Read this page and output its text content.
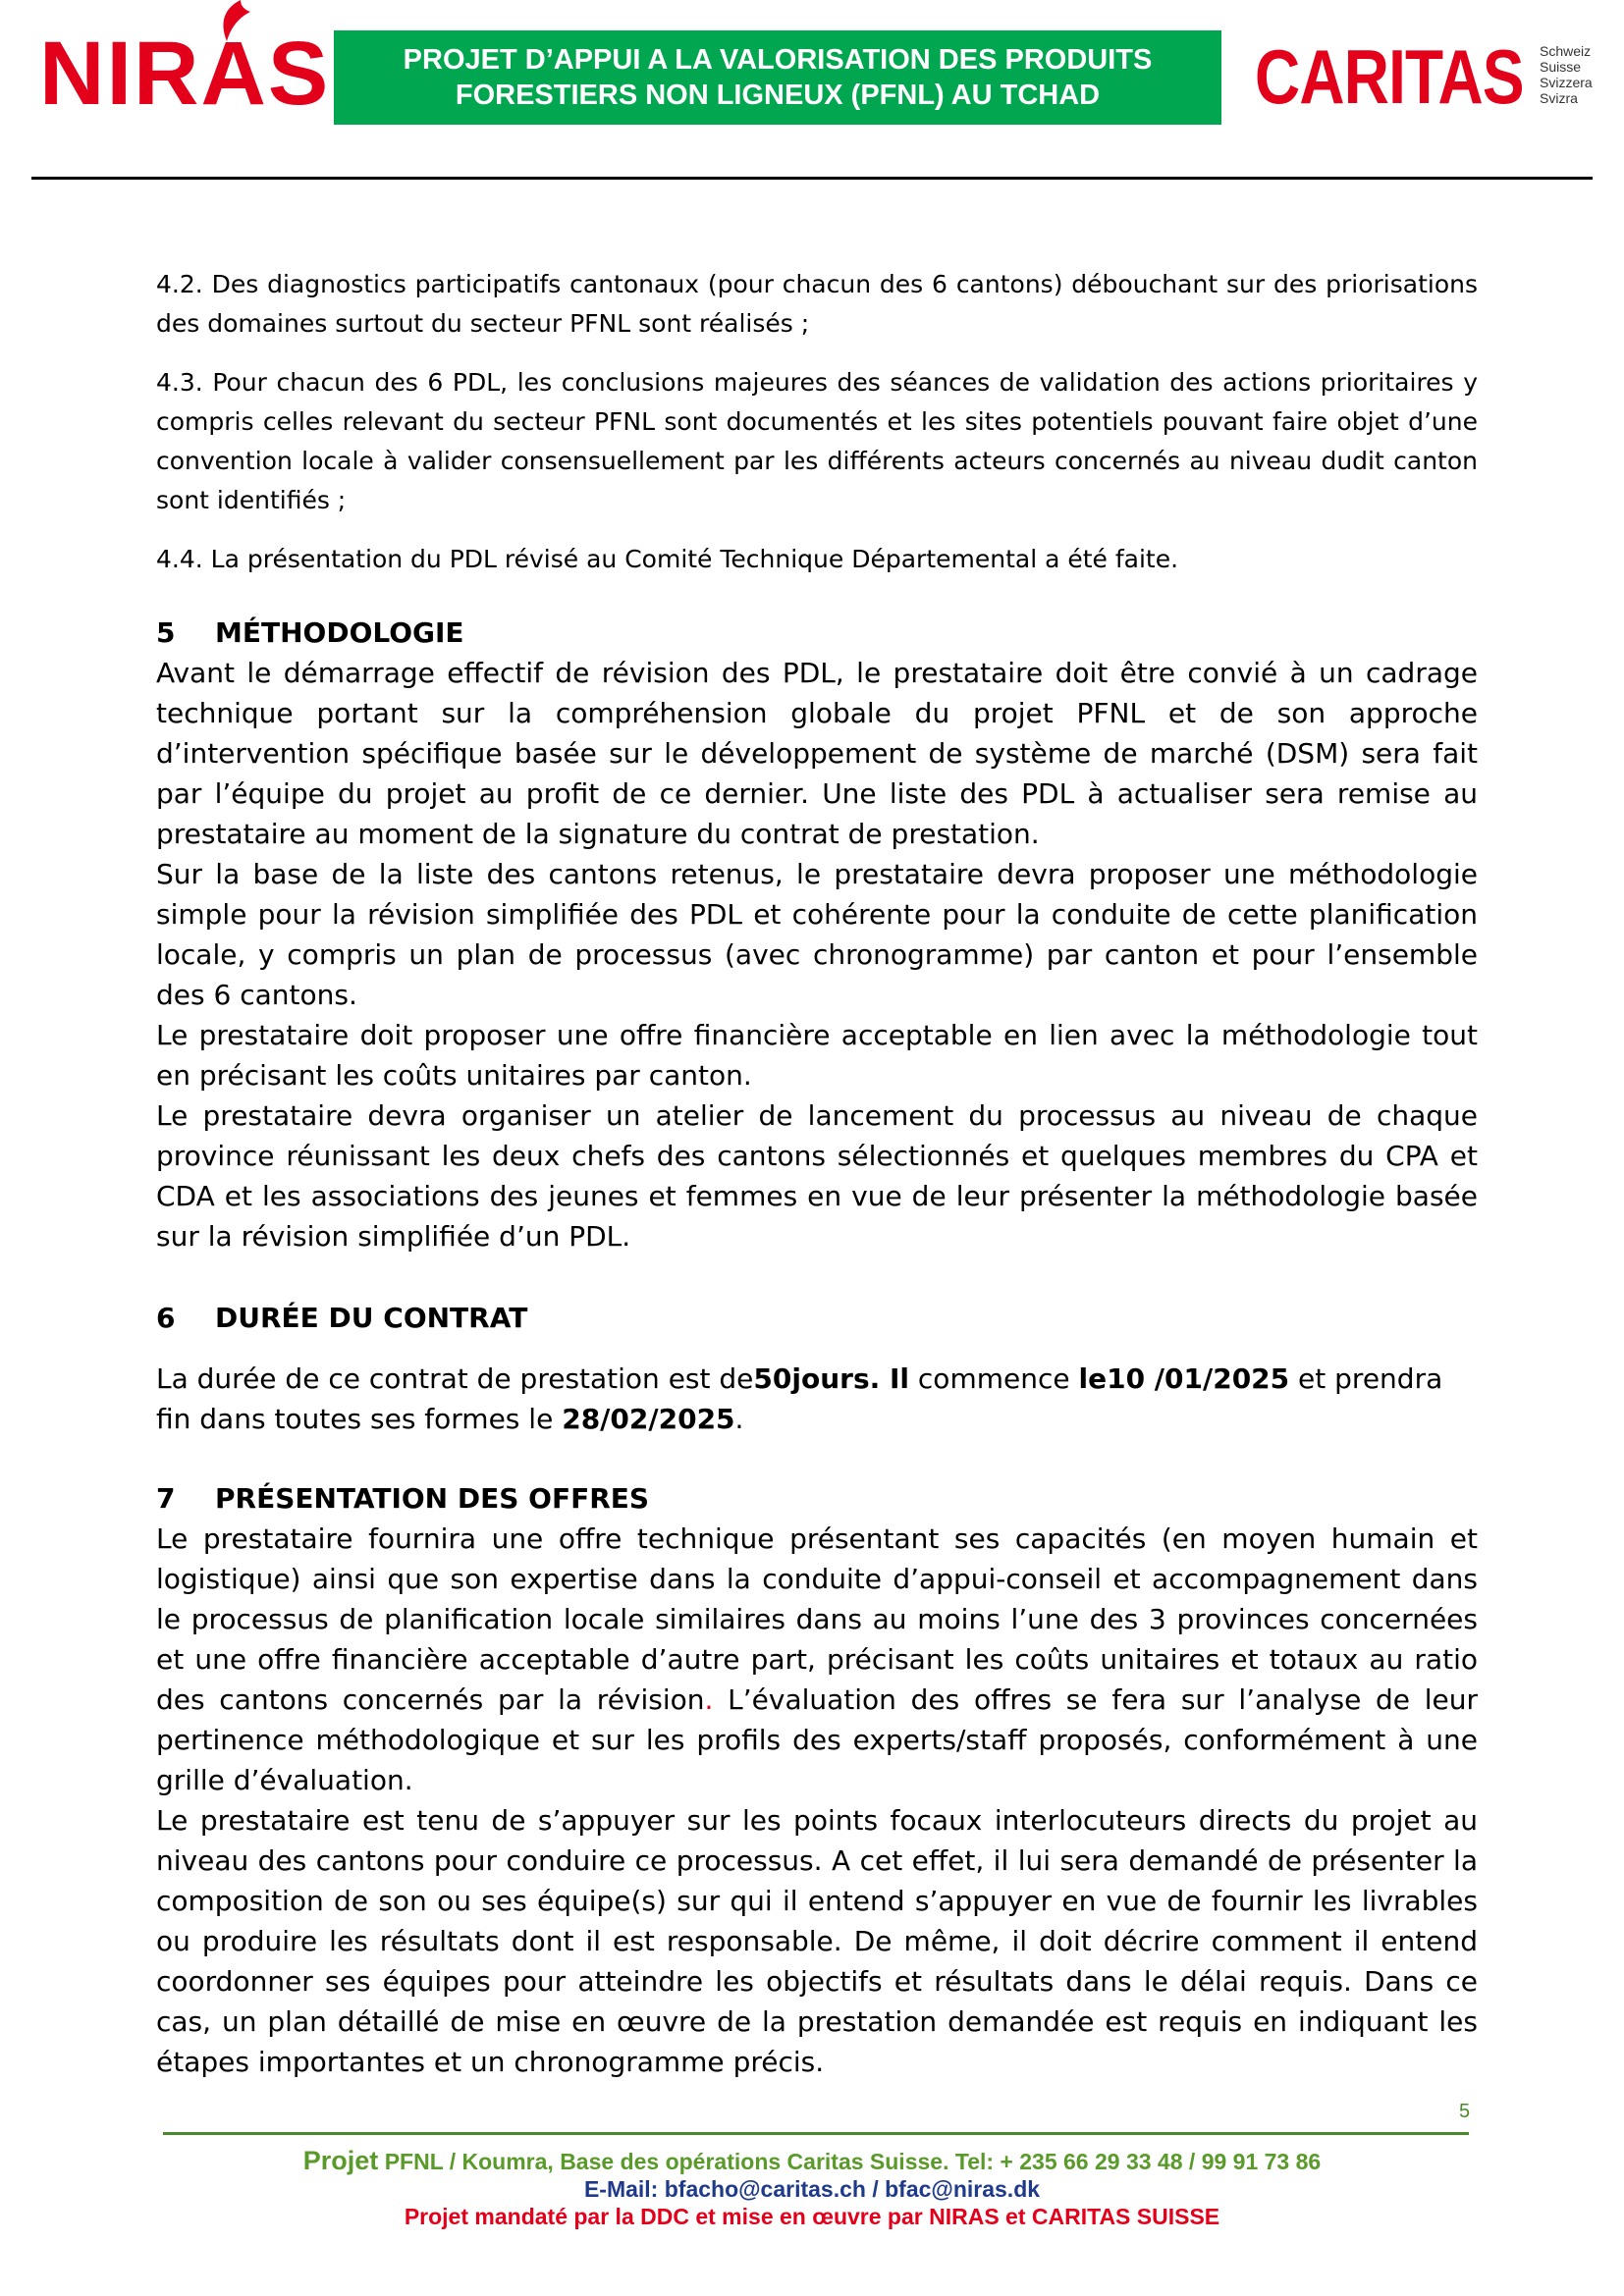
NIRAS	PROJET D’APPUI A LA VALORISATION DES PRODUITS
FORESTIERS NON LIGNEUX (PFNL) AU TCHAD	CARITAS Schweiz
Suisse
Svizzera
Svizra

4.2. Des diagnostics participatifs cantonaux (pour chacun des 6 cantons) débouchant sur des priorisations des domaines surtout du secteur PFNL sont réalisés ;

4.3. Pour chacun des 6 PDL, les conclusions majeures des séances de validation des actions prioritaires y compris celles relevant du secteur PFNL sont documentés et les sites potentiels pouvant faire objet d’une convention locale à valider consensuellement par les différents acteurs concernés au niveau dudit canton sont identifiés ;

4.4. La présentation du PDL révisé au Comité Technique Départemental a été faite.

5 MÉTHODOLOGIE

Avant le démarrage effectif de révision des PDL, le prestataire doit être convié à un cadrage technique portant sur la compréhension globale du projet PFNL et de son approche d’intervention spécifique basée sur le développement de système de marché (DSM) sera fait par l’équipe du projet au profit de ce dernier. Une liste des PDL à actualiser sera remise au prestataire au moment de la signature du contrat de prestation.

Sur la base de la liste des cantons retenus, le prestataire devra proposer une méthodologie simple pour la révision simplifiée des PDL et cohérente pour la conduite de cette planification locale, y compris un plan de processus (avec chronogramme) par canton et pour l’ensemble des 6 cantons.

Le prestataire doit proposer une offre financière acceptable en lien avec la méthodologie tout en précisant les coûts unitaires par canton.

Le prestataire devra organiser un atelier de lancement du processus au niveau de chaque province réunissant les deux chefs des cantons sélectionnés et quelques membres du CPA et CDA et les associations des jeunes et femmes en vue de leur présenter la méthodologie basée sur la révision simplifiée d’un PDL.

6 DURÉE DU CONTRAT

La durée de ce contrat de prestation est de50jours. Il commence le10 /01/2025 et prendra fin dans toutes ses formes le 28/02/2025.

7 PRÉSENTATION DES OFFRES

Le prestataire fournira une offre technique présentant ses capacités (en moyen humain et logistique) ainsi que son expertise dans la conduite d’appui-conseil et accompagnement dans le processus de planification locale similaires dans au moins l’une des 3 provinces concernées et une offre financière acceptable d’autre part, précisant les coûts unitaires et totaux au ratio des cantons concernés par la révision. L’évaluation des offres se fera sur l’analyse de leur pertinence méthodologique et sur les profils des experts/staff proposés, conformément à une grille d’évaluation.

Le prestataire est tenu de s’appuyer sur les points focaux interlocuteurs directs du projet au niveau des cantons pour conduire ce processus. A cet effet, il lui sera demandé de présenter la composition de son ou ses équipe(s) sur qui il entend s’appuyer en vue de fournir les livrables ou produire les résultats dont il est responsable. De même, il doit décrire comment il entend coordonner ses équipes pour atteindre les objectifs et résultats dans le délai requis. Dans ce cas, un plan détaillé de mise en œuvre de la prestation demandée est requis en indiquant les étapes importantes et un chronogramme précis.

5
Projet PFNL / Koumra, Base des opérations Caritas Suisse. Tel: + 235 66 29 33 48 / 99 91 73 86
E-Mail: bfacho@caritas.ch / bfac@niras.dk
Projet mandaté par la DDC et mise en œuvre par NIRAS et CARITAS SUISSE
